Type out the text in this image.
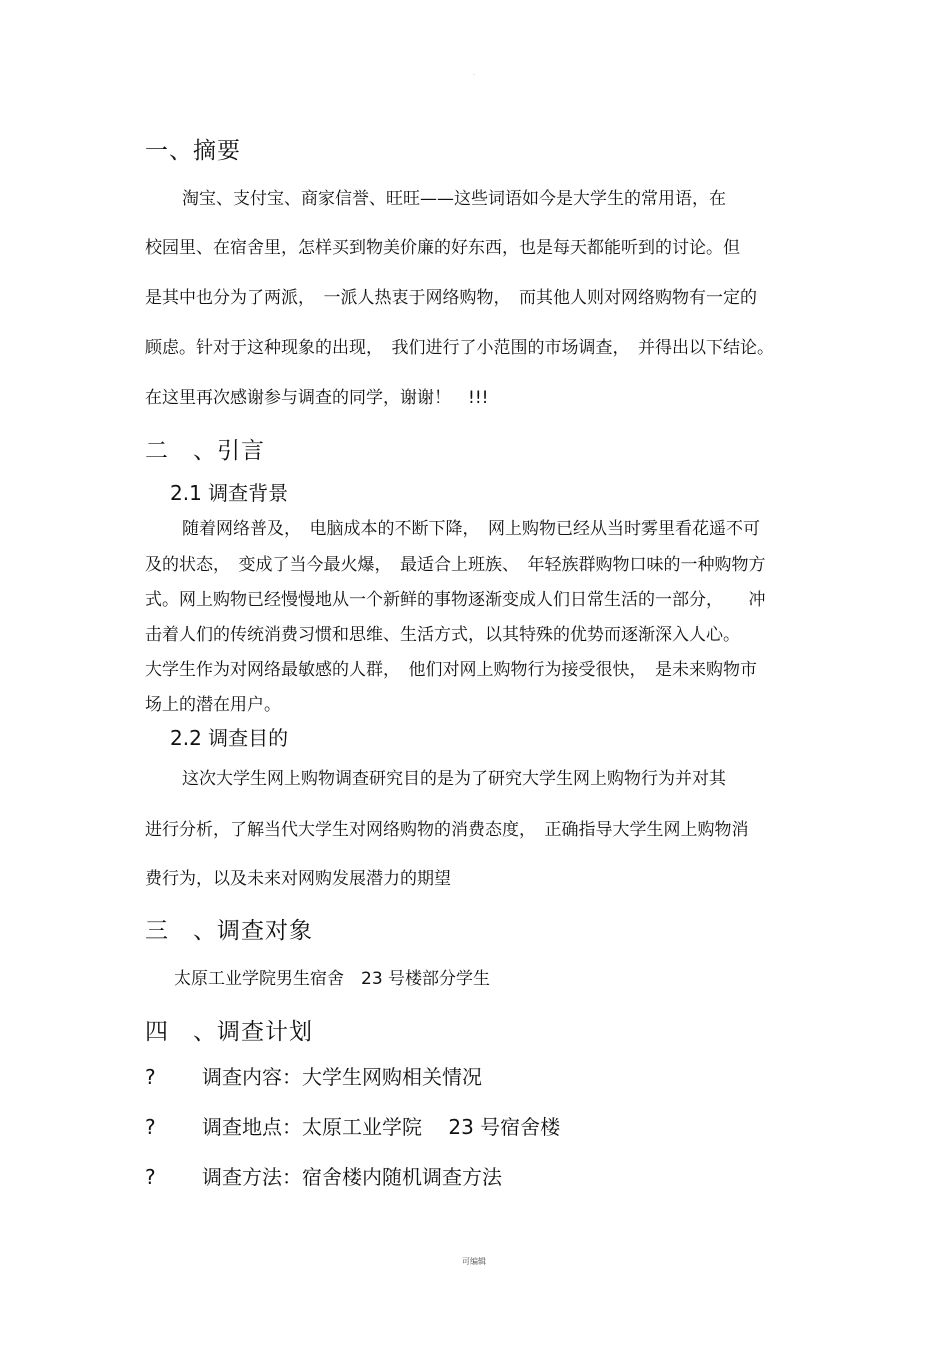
.
一、摘要
淘宝、支付宝、商家信誉、旺旺——这些词语如今是大学生的常用语，在
校园里、在宿舍里，怎样买到物美价廉的好东西，也是每天都能听到的讨论。但
是其中也分为了两派，　一派人热衷于网络购物，　而其他人则对网络购物有一定的
顾虑。针对于这种现象的出现，　我们进行了小范围的市场调查，　并得出以下结论。
在这里再次感谢参与调查的同学，谢谢！　!!!
二　、引言
2.1 调查背景
随着网络普及，　电脑成本的不断下降，　网上购物已经从当时雾里看花遥不可
及的状态，　变成了当今最火爆，　最适合上班族、　年轻族群购物口味的一种购物方
式。网上购物已经慢慢地从一个新鲜的事物逐渐变成人们日常生活的一部分，　　冲
击着人们的传统消费习惯和思维、生活方式，以其特殊的优势而逐渐深入人心。
大学生作为对网络最敏感的人群，　他们对网上购物行为接受很快，　是未来购物市
场上的潜在用户。
2.2 调查目的
这次大学生网上购物调查研究目的是为了研究大学生网上购物行为并对其
进行分析，了解当代大学生对网络购物的消费态度，　正确指导大学生网上购物消
费行为，以及未来对网购发展潜力的期望
三　、调查对象
太原工业学院男生宿舍　23 号楼部分学生
四　、调查计划
? 调查内容：大学生网购相关情况
? 调查地点：太原工业学院　 23 号宿舍楼
? 调查方法：宿舍楼内随机调查方法
可编辑
